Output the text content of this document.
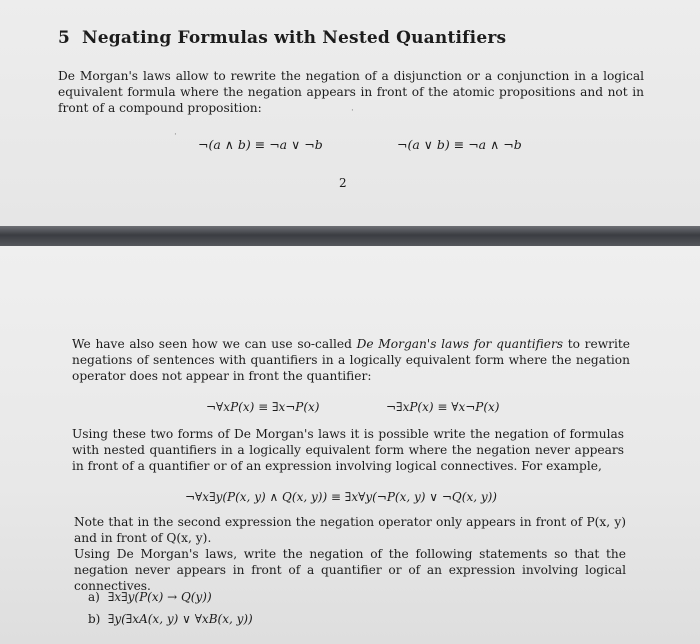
5 Negating Formulas with Nested Quantifiers
De Morgan's laws allow to rewrite the negation of a disjunction or a conjunction in a logical equivalent formula where the negation appears in front of the atomic propositions and not in front of a compound proposition:
·
·
¬(a ∧ b) ≡ ¬a ∨ ¬b	¬(a ∨ b) ≡ ¬a ∧ ¬b
2
We have also seen how we can use so-called De Morgan's laws for quantifiers to rewrite negations of sentences with quantifiers in a logically equivalent form where the negation operator does not appear in front the quantifier:
¬∀xP(x) ≡ ∃x¬P(x)	¬∃xP(x) ≡ ∀x¬P(x)
Using these two forms of De Morgan's laws it is possible write the negation of formulas with nested quantifiers in a logically equivalent form where the negation never appears in front of a quantifier or of an expression involving logical connectives. For example,
¬∀x∃y(P(x, y) ∧ Q(x, y)) ≡ ∃x∀y(¬P(x, y) ∨ ¬Q(x, y))
Note that in the second expression the negation operator only appears in front of P(x, y) and in front of Q(x, y).
Using De Morgan's laws, write the negation of the following statements so that the negation never appears in front of a quantifier or of an expression involving logical connectives.
a) ∃x∃y(P(x) → Q(y))
b) ∃y(∃xA(x, y) ∨ ∀xB(x, y))
